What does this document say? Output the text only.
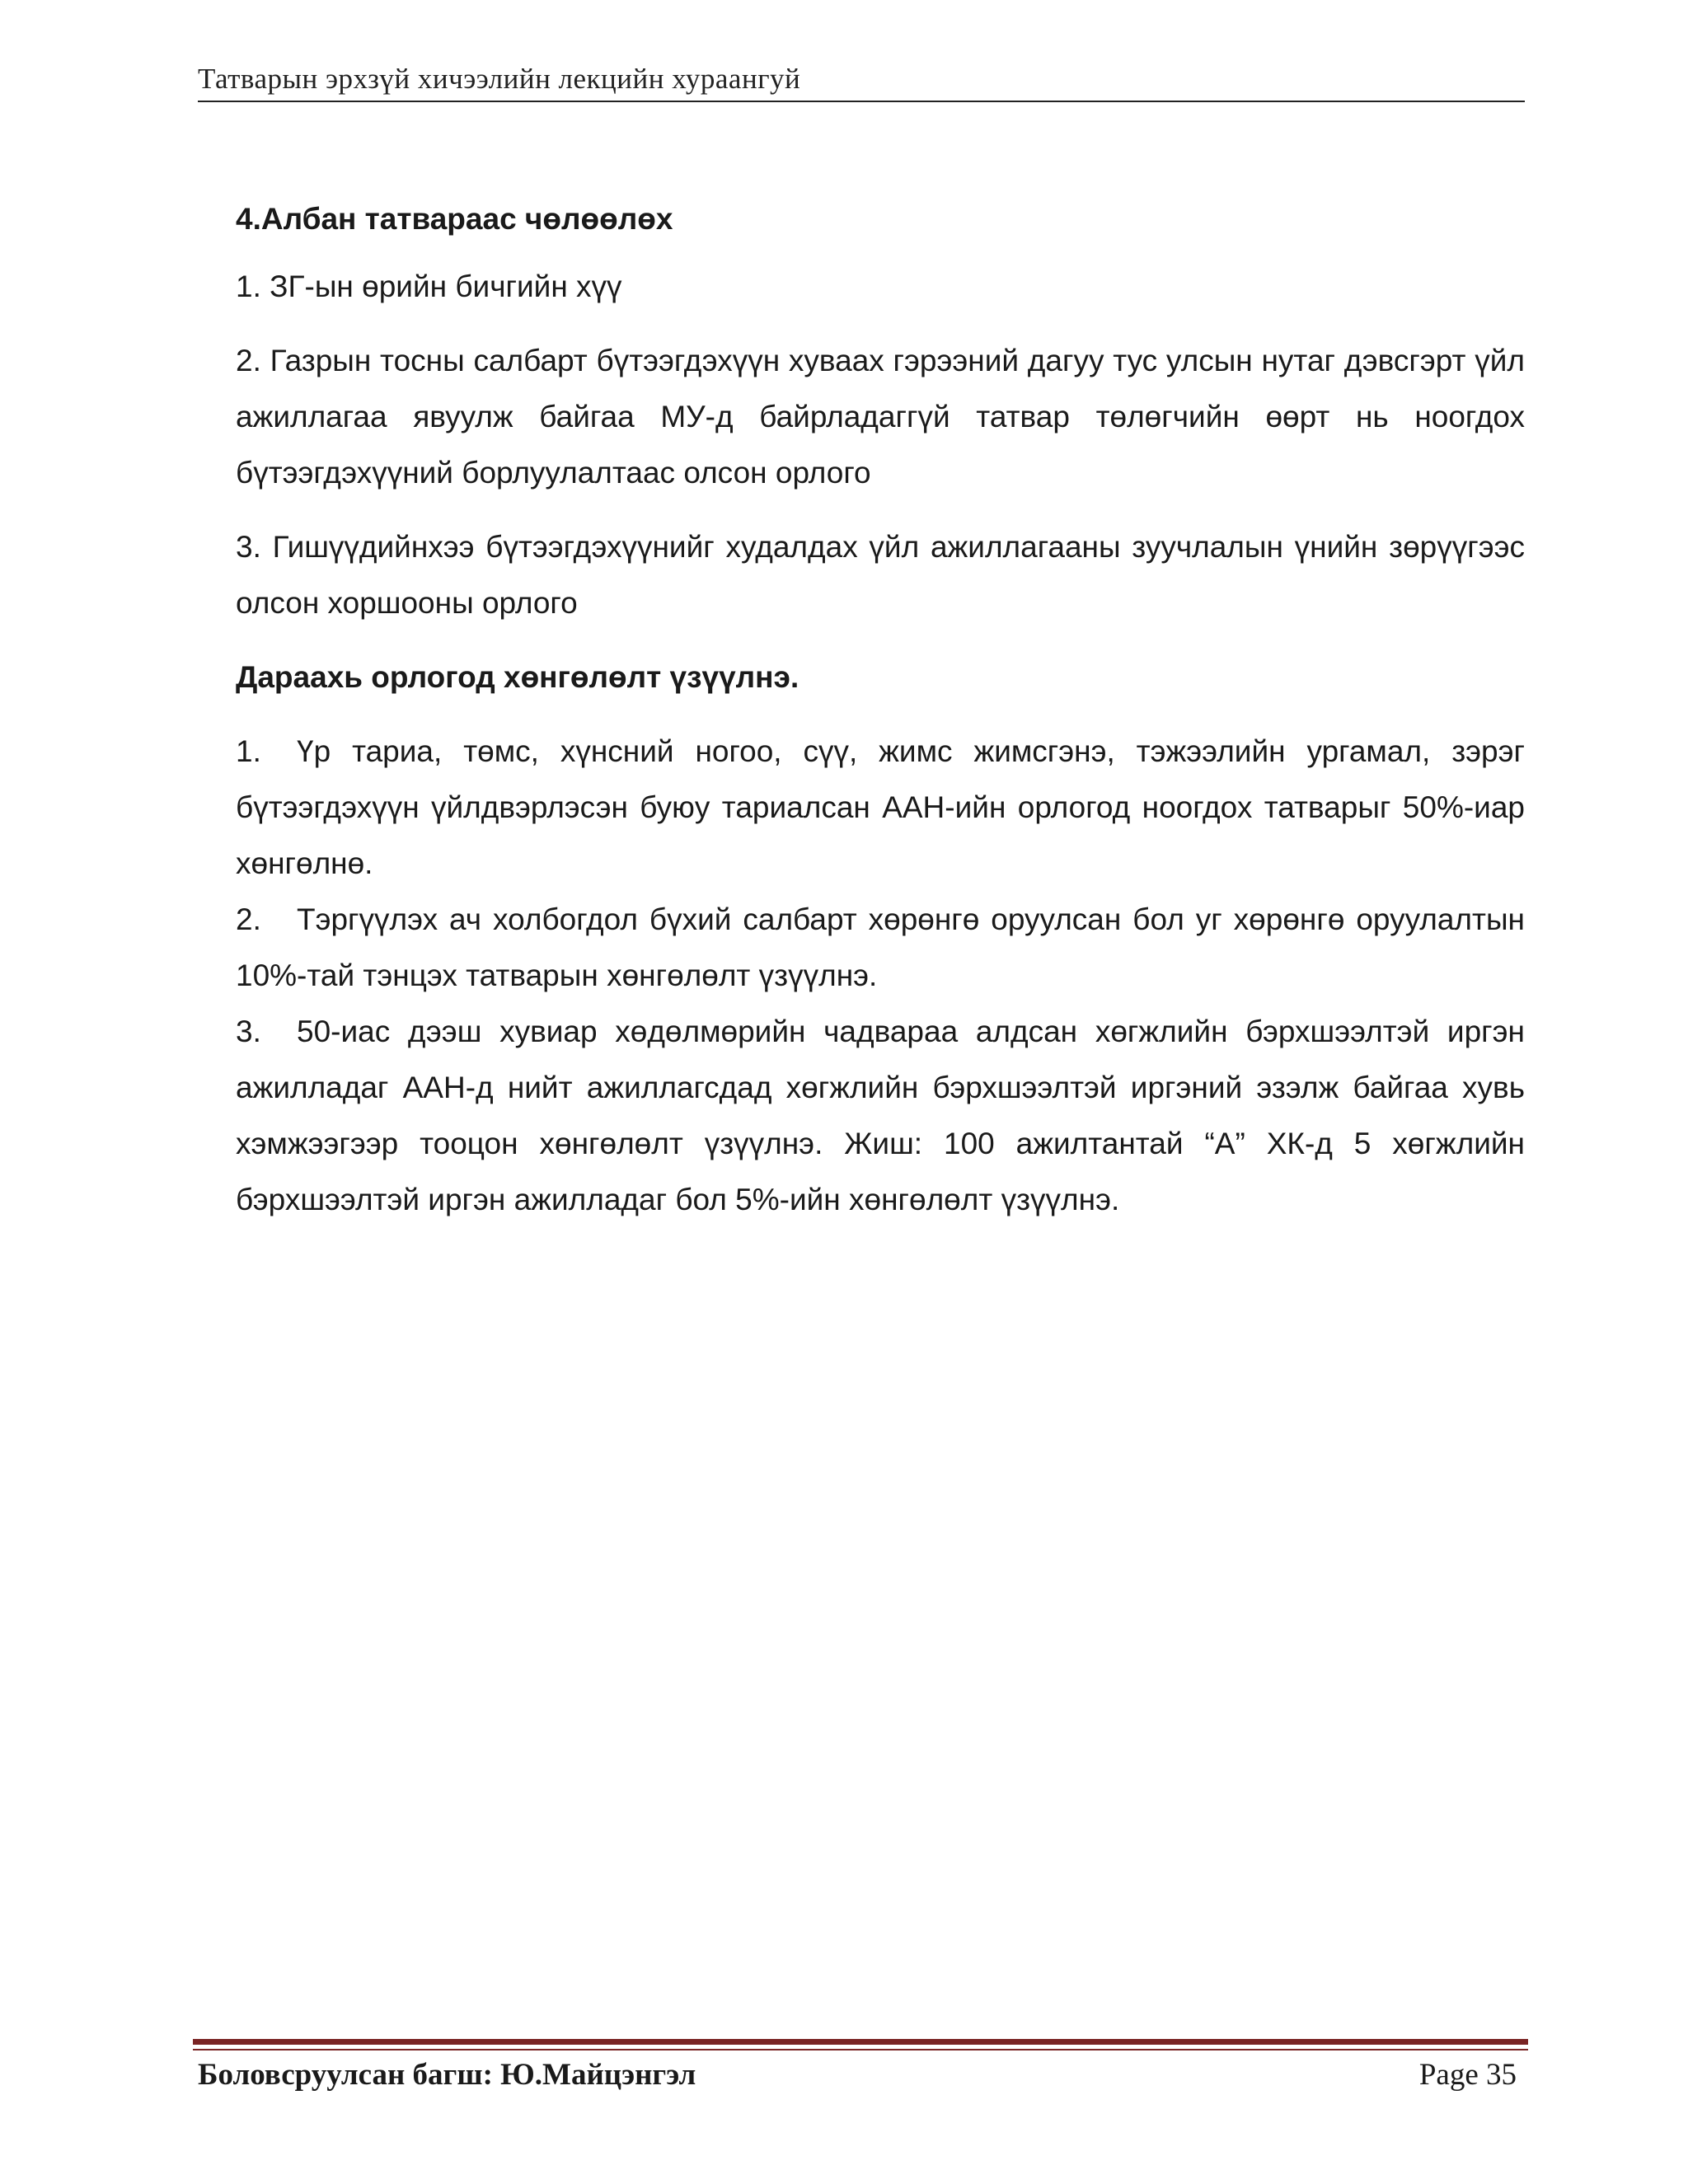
Татварын эрхзүй хичээлийн лекцийн хураангуй

4.Албан татвараас чөлөөлөх

1. ЗГ-ын өрийн бичгийн хүү

2. Газрын тосны салбарт бүтээгдэхүүн хуваах гэрээний дагуу тус улсын нутаг дэвсгэрт үйл ажиллагаа явуулж байгаа МУ-д байрладаггүй татвар төлөгчийн өөрт нь ноогдох бүтээгдэхүүний борлуулалтаас олсон орлого

3. Гишүүдийнхээ бүтээгдэхүүнийг худалдах үйл ажиллагааны зуучлалын үнийн зөрүүгээс олсон хоршооны орлого

Дараахь орлогод хөнгөлөлт үзүүлнэ.

1. Үр тариа, төмс, хүнсний ногоо, сүү, жимс жимсгэнэ, тэжээлийн ургамал, зэрэг бүтээгдэхүүн үйлдвэрлэсэн буюу тариалсан ААН-ийн орлогод ноогдох татварыг 50%-иар хөнгөлнө.

2. Тэргүүлэх ач холбогдол бүхий салбарт хөрөнгө оруулсан бол уг хөрөнгө оруулалтын 10%-тай тэнцэх татварын хөнгөлөлт үзүүлнэ.

3. 50-иас дээш хувиар хөдөлмөрийн чадвараа алдсан хөгжлийн бэрхшээлтэй иргэн ажилладаг ААН-д нийт ажиллагсдад хөгжлийн бэрхшээлтэй иргэний эзэлж байгаа хувь хэмжээгээр тооцон хөнгөлөлт үзүүлнэ. Жиш: 100 ажилтантай “А” ХК-д 5 хөгжлийн бэрхшээлтэй иргэн ажилладаг бол 5%-ийн хөнгөлөлт үзүүлнэ.

Боловсруулсан багш: Ю.Майцэнгэл	Page 35
